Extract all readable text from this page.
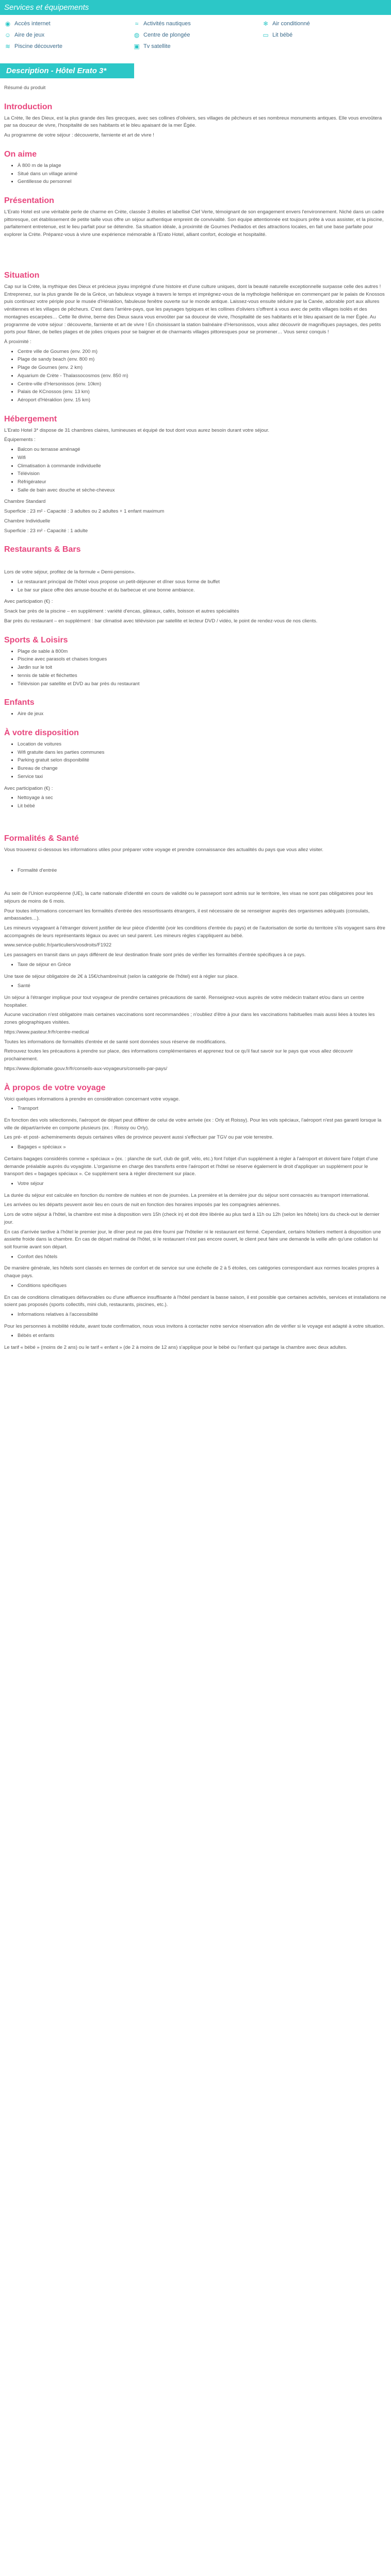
Services et équipements
◉ Accès internet	≈ Activités nautiques	❄ Air conditionné
☺ Aire de jeux	◍ Centre de plongée	▭ Lit bébé
≋ Piscine découverte	▣ Tv satellite
Description - Hôtel Erato 3*

Résumé du produit

Introduction

La Crète, île des Dieux, est la plus grande des îles grecques, avec ses collines d'oliviers, ses villages de pêcheurs et ses nombreux monuments antiques. Elle vous envoûtera par sa douceur de vivre, l'hospitalité de ses habitants et le bleu apaisant de la mer Égée.

Au programme de votre séjour : découverte, farniente et art de vivre !

On aime
• À 800 m de la plage
• Situé dans un village animé
• Gentillesse du personnel
Présentation

L'Erato Hotel est une véritable perle de charme en Crète, classée 3 étoiles et labellisé Clef Verte, témoignant de son engagement envers l'environnement. Niché dans un cadre pittoresque, cet établissement de petite taille vous offre un séjour authentique empreint de convivialité. Son équipe attentionnée est toujours prête à vous assister, et la piscine, parfaitement entretenue, est le lieu parfait pour se détendre. Sa situation idéale, à proximité de Gournes Pediados et des attractions locales, en fait une base parfaite pour explorer la Crète. Préparez-vous à vivre une expérience mémorable à l'Erato Hotel, alliant confort, écologie et hospitalité.

Situation

Cap sur la Crète, la mythique des Dieux et précieux joyau imprégné d'une histoire et d'une culture uniques, dont la beauté naturelle exceptionnelle surpasse celle des autres ! Entreprenez, sur la plus grande île de la Grèce, un fabuleux voyage à travers le temps et imprégnez-vous de la mythologie hellénique en commençant par le palais de Knossos puis continuez votre périple pour le musée d'Héraklion, fabuleuse fenêtre ouverte sur le monde antique. Laissez-vous ensuite séduire par la Canée, adorable port aux allures vénitiennes et les villages de pêcheurs. C'est dans l'arrière-pays, que les paysages typiques et les collines d'oliviers s'offrent à vous avec de petits villages isolés et des montagnes escarpées… Cette île divine, berne des Dieux saura vous envoûter par sa douceur de vivre, l'hospitalité de ses habitants et le bleu apaisant de la mer Égée. Au programme de votre séjour : découverte, farniente et art de vivre ! En choisissant la station balnéaire d'Hersonissos, vous allez découvrir de magnifiques paysages, des petits ports pour flâner, de belles plages et de jolies criques pour se baigner et de charmants villages pittoresques pour se promener… Vous serez conquis !

À proximité :

• Centre ville de Gournes (env. 200 m)
• Plage de sandy beach (env. 800 m)
• Plage de Gournes (env. 2 km)
• Aquarium de Crète - Thalassocosmos (env. 850 m)
• Centre-ville d'Hersonissos (env. 10km)
• Palais de KCnossos (env. 13 km)
• Aéroport d'Héraklion (env. 15 km)
Hébergement

L'Erato Hotel 3* dispose de 31 chambres claires, lumineuses et équipé de tout dont vous aurez besoin durant votre séjour.

Équipements :

• Balcon ou terrasse aménagé
• Wifi
• Climatisation à commande individuelle
• Télévision
• Réfrigérateur
• Salle de bain avec douche et sèche-cheveux

Chambre Standard

Superficie : 23 m² - Capacité : 3 adultes ou 2 adultes + 1 enfant maximum

Chambre Individuelle

Superficie : 23 m² - Capacité : 1 adulte

Restaurants & Bars

Lors de votre séjour, profitez de la formule « Demi-pension».

• Le restaurant principal de l'hôtel vous propose un petit-déjeuner et dîner sous forme de buffet
• Le bar sur place offre des amuse-bouche et du barbecue et une bonne ambiance.

Avec participation (€) :

Snack bar près de la piscine – en supplément : variété d'encas, gâteaux, cafés, boisson et autres spécialités

Bar près du restaurant – en supplément : bar climatisé avec télévision par satellite et lecteur DVD / vidéo, le point de rendez-vous de nos clients.

Sports & Loisirs
• Plage de sable à 800m
• Piscine avec parasols et chaises longues
• Jardin sur le toit
• tennis de table et fléchettes
• Télévision par satellite et DVD au bar près du restaurant
Enfants
• Aire de jeux
À votre disposition
• Location de voitures
• Wifi gratuite dans les parties communes
• Parking gratuit selon disponibilité
• Bureau de change
• Service taxi

Avec participation (€) :

• Nettoyage à sec
• Lit bébé
Formalités & Santé

Vous trouverez ci-dessous les informations utiles pour préparer votre voyage et prendre connaissance des actualités du pays que vous allez visiter.

• Formalité d'entrée

Au sein de l'Union européenne (UE), la carte nationale d'identité en cours de validité ou le passeport sont admis sur le territoire, les visas ne sont pas obligatoires pour les séjours de moins de 6 mois.

Pour toutes informations concernant les formalités d'entrée des ressortissants étrangers, il est nécessaire de se renseigner auprès des organismes adéquats (consulats, ambassades…).

Les mineurs voyageant à l'étranger doivent justifier de leur pièce d'identité (voir les conditions d'entrée du pays) et de l'autorisation de sortie du territoire s'ils voyagent sans être accompagnés de leurs représentants légaux ou avec un seul parent. Les mineurs règles s'appliquent au bébé.

www.service-public.fr/particuliers/vosdroits/F1922

Les passagers en transit dans un pays différent de leur destination finale sont priés de vérifier les formalités d'entrée spécifiques à ce pays.

• Taxe de séjour en Grèce

Une taxe de séjour obligatoire de 2€ à 15€/chambre/nuit (selon la catégorie de l'hôtel) est à régler sur place.

• Santé

Un séjour à l'étranger implique pour tout voyageur de prendre certaines précautions de santé. Renseignez-vous auprès de votre médecin traitant et/ou dans un centre hospitalier.

Aucune vaccination n'est obligatoire mais certaines vaccinations sont recommandées ; n'oubliez d'être à jour dans les vaccinations habituelles mais aussi liées à toutes les zones géographiques visitées.

https://www.pasteur.fr/fr/centre-medical

Toutes les informations de formalités d'entrée et de santé sont données sous réserve de modifications.

Retrouvez toutes les précautions à prendre sur place, des informations complémentaires et apprenez tout ce qu'il faut savoir sur le pays que vous allez découvrir prochainement.

https://www.diplomatie.gouv.fr/fr/conseils-aux-voyageurs/conseils-par-pays/

À propos de votre voyage

Voici quelques informations à prendre en considération concernant votre voyage.

• Transport

En fonction des vols sélectionnés, l'aéroport de départ peut différer de celui de votre arrivée (ex : Orly et Roissy). Pour les vols spéciaux, l'aéroport n'est pas garanti lorsque la ville de départ/arrivée en comporte plusieurs (ex. : Roissy ou Orly).

Les pré- et post- acheminements depuis certaines villes de province peuvent aussi s'effectuer par TGV ou par voie terrestre.

• Bagages « spéciaux »

Certains bagages considérés comme « spéciaux » (ex. : planche de surf, club de golf, vélo, etc.) font l'objet d'un supplément à régler à l'aéroport et doivent faire l'objet d'une demande préalable auprès du voyagiste. L'organisme en charge des transferts entre l'aéroport et l'hôtel se réserve également le droit d'appliquer un supplément pour le transport des « bagages spéciaux ». Ce supplément sera à régler directement sur place.

• Votre séjour

La durée du séjour est calculée en fonction du nombre de nuitées et non de journées. La première et la dernière jour du séjour sont consacrés au transport international.

Les arrivées ou les départs peuvent avoir lieu en cours de nuit en fonction des horaires imposés par les compagnies aériennes.

Lors de votre séjour à l'hôtel, la chambre est mise à disposition vers 15h (check in) et doit être libérée au plus tard à 11h ou 12h (selon les hôtels) lors du check-out le dernier jour.

En cas d'arrivée tardive à l'hôtel le premier jour, le dîner peut ne pas être fourni par l'hôtelier ni le restaurant est fermé. Cependant, certains hôteliers mettent à disposition une assiette froide dans la chambre. En cas de départ matinal de l'hôtel, si le restaurant n'est pas encore ouvert, le client peut faire une demande la veille afin qu'une collation lui soit fournie avant son départ.

• Confort des hôtels

De manière générale, les hôtels sont classés en termes de confort et de service sur une échelle de 2 à 5 étoiles, ces catégories correspondant aux normes locales propres à chaque pays.

• Conditions spécifiques

En cas de conditions climatiques défavorables ou d'une affluence insuffisante à l'hôtel pendant la basse saison, il est possible que certaines activités, services et installations ne soient pas proposés (sports collectifs, mini club, restaurants, piscines, etc.).

• Informations relatives à l'accessibilité

Pour les personnes à mobilité réduite, avant toute confirmation, nous vous invitons à contacter notre service réservation afin de vérifier si le voyage est adapté à votre situation.

• Bébés et enfants

Le tarif « bébé » (moins de 2 ans) ou le tarif « enfant » (de 2 à moins de 12 ans) s'applique pour le bébé ou l'enfant qui partage la chambre avec deux adultes.
